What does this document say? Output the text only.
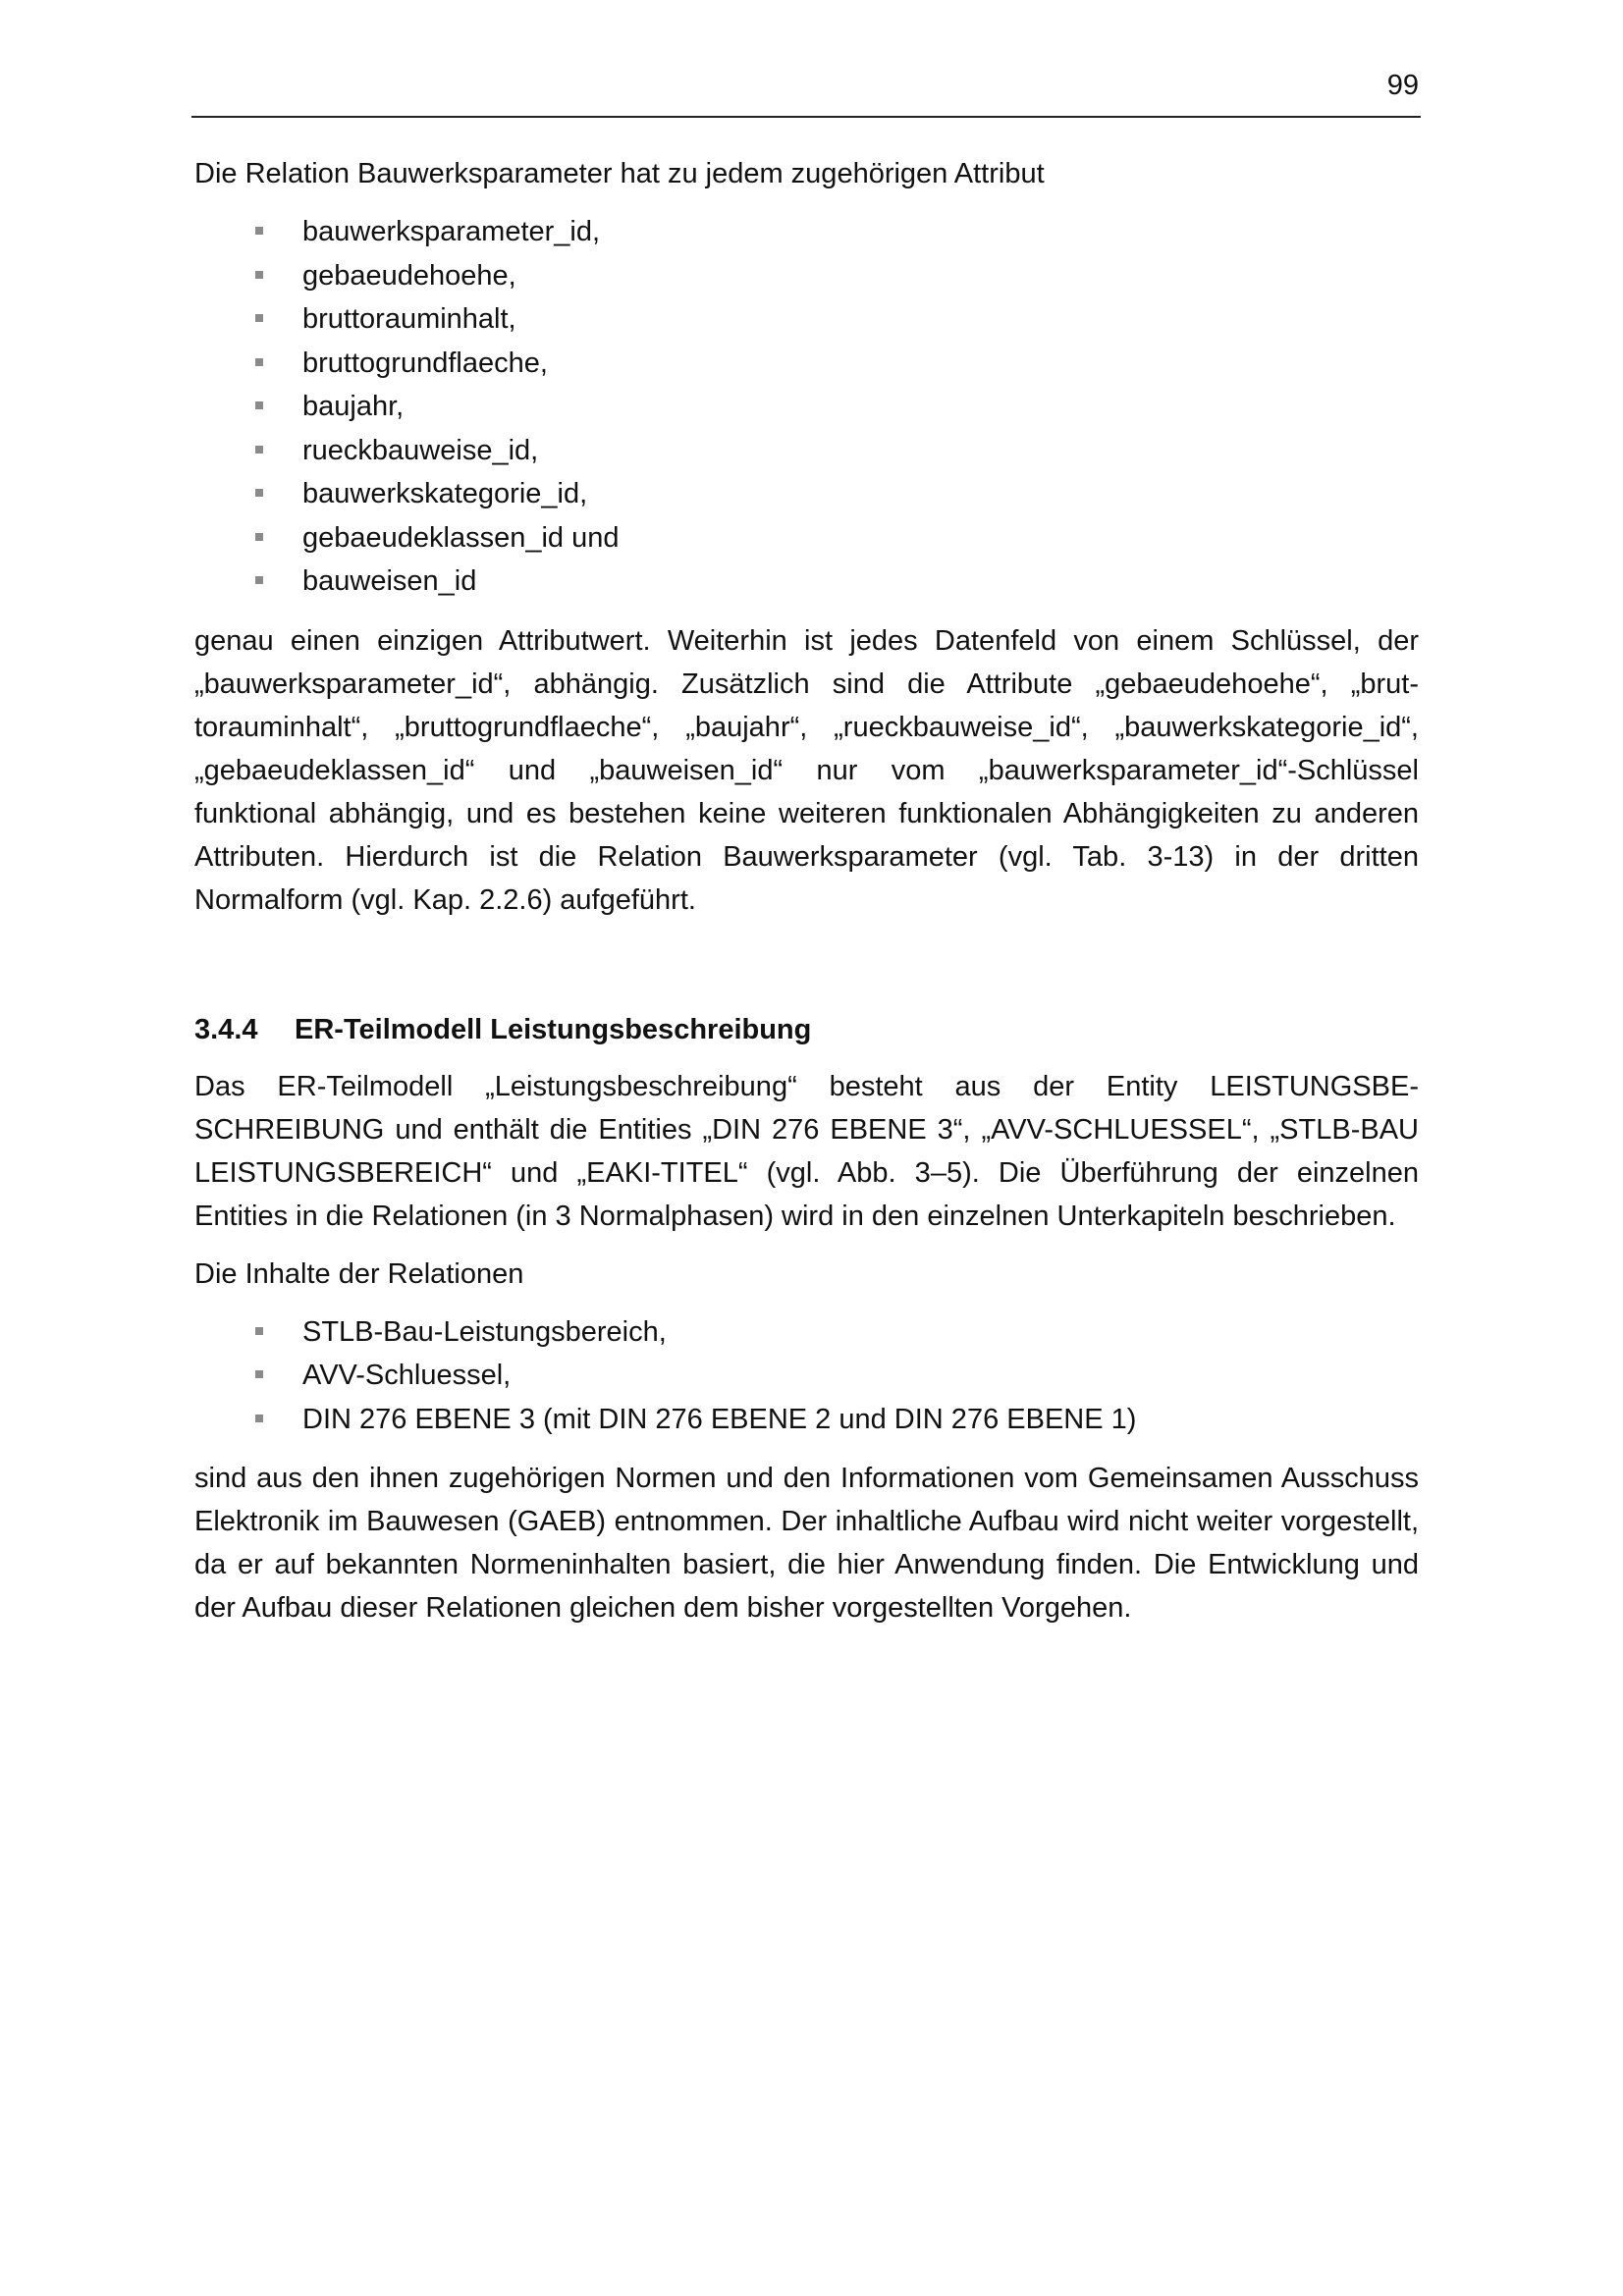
99

Die Relation Bauwerksparameter hat zu jedem zugehörigen Attribut

bauwerksparameter_id,
gebaeudehoehe,
bruttorauminhalt,
bruttogrundflaeche,
baujahr,
rueckbauweise_id,
bauwerkskategorie_id,
gebaeudeklassen_id und
bauweisen_id

genau einen einzigen Attributwert. Weiterhin ist jedes Datenfeld von einem Schlüssel, der „bauwerksparameter_id“, abhängig. Zusätzlich sind die Attribute „gebaeudehoehe“, „bruttorauminhalt“, „bruttogrundflaeche“, „baujahr“, „rueckbauweise_id“, „bauwerkskategorie_id“, „gebaeudeklassen_id“ und „bauweisen_id“ nur vom „bauwerksparameter_id“-Schlüssel funktional abhängig, und es bestehen keine weiteren funktionalen Abhängigkeiten zu anderen Attributen. Hierdurch ist die Relation Bauwerksparameter (vgl. Tab. 3-13) in der dritten Normalform (vgl. Kap. 2.2.6) aufgeführt.

3.4.4	ER-Teilmodell Leistungsbeschreibung

Das ER-Teilmodell „Leistungsbeschreibung“ besteht aus der Entity LEISTUNGSBESCHREIBUNG und enthält die Entities „DIN 276 EBENE 3“, „AVV-SCHLUESSEL“, „STLB-BAU LEISTUNGSBEREICH“ und „EAKI-TITEL“ (vgl. Abb. 3–5). Die Überführung der einzelnen Entities in die Relationen (in 3 Normalphasen) wird in den einzelnen Unterkapiteln beschrieben.

Die Inhalte der Relationen

STLB-Bau-Leistungsbereich,
AVV-Schluessel,
DIN 276 EBENE 3 (mit DIN 276 EBENE 2 und DIN 276 EBENE 1)

sind aus den ihnen zugehörigen Normen und den Informationen vom Gemeinsamen Ausschuss Elektronik im Bauwesen (GAEB) entnommen. Der inhaltliche Aufbau wird nicht weiter vorgestellt, da er auf bekannten Normeninhalten basiert, die hier Anwendung finden. Die Entwicklung und der Aufbau dieser Relationen gleichen dem bisher vorgestellten Vorgehen.
